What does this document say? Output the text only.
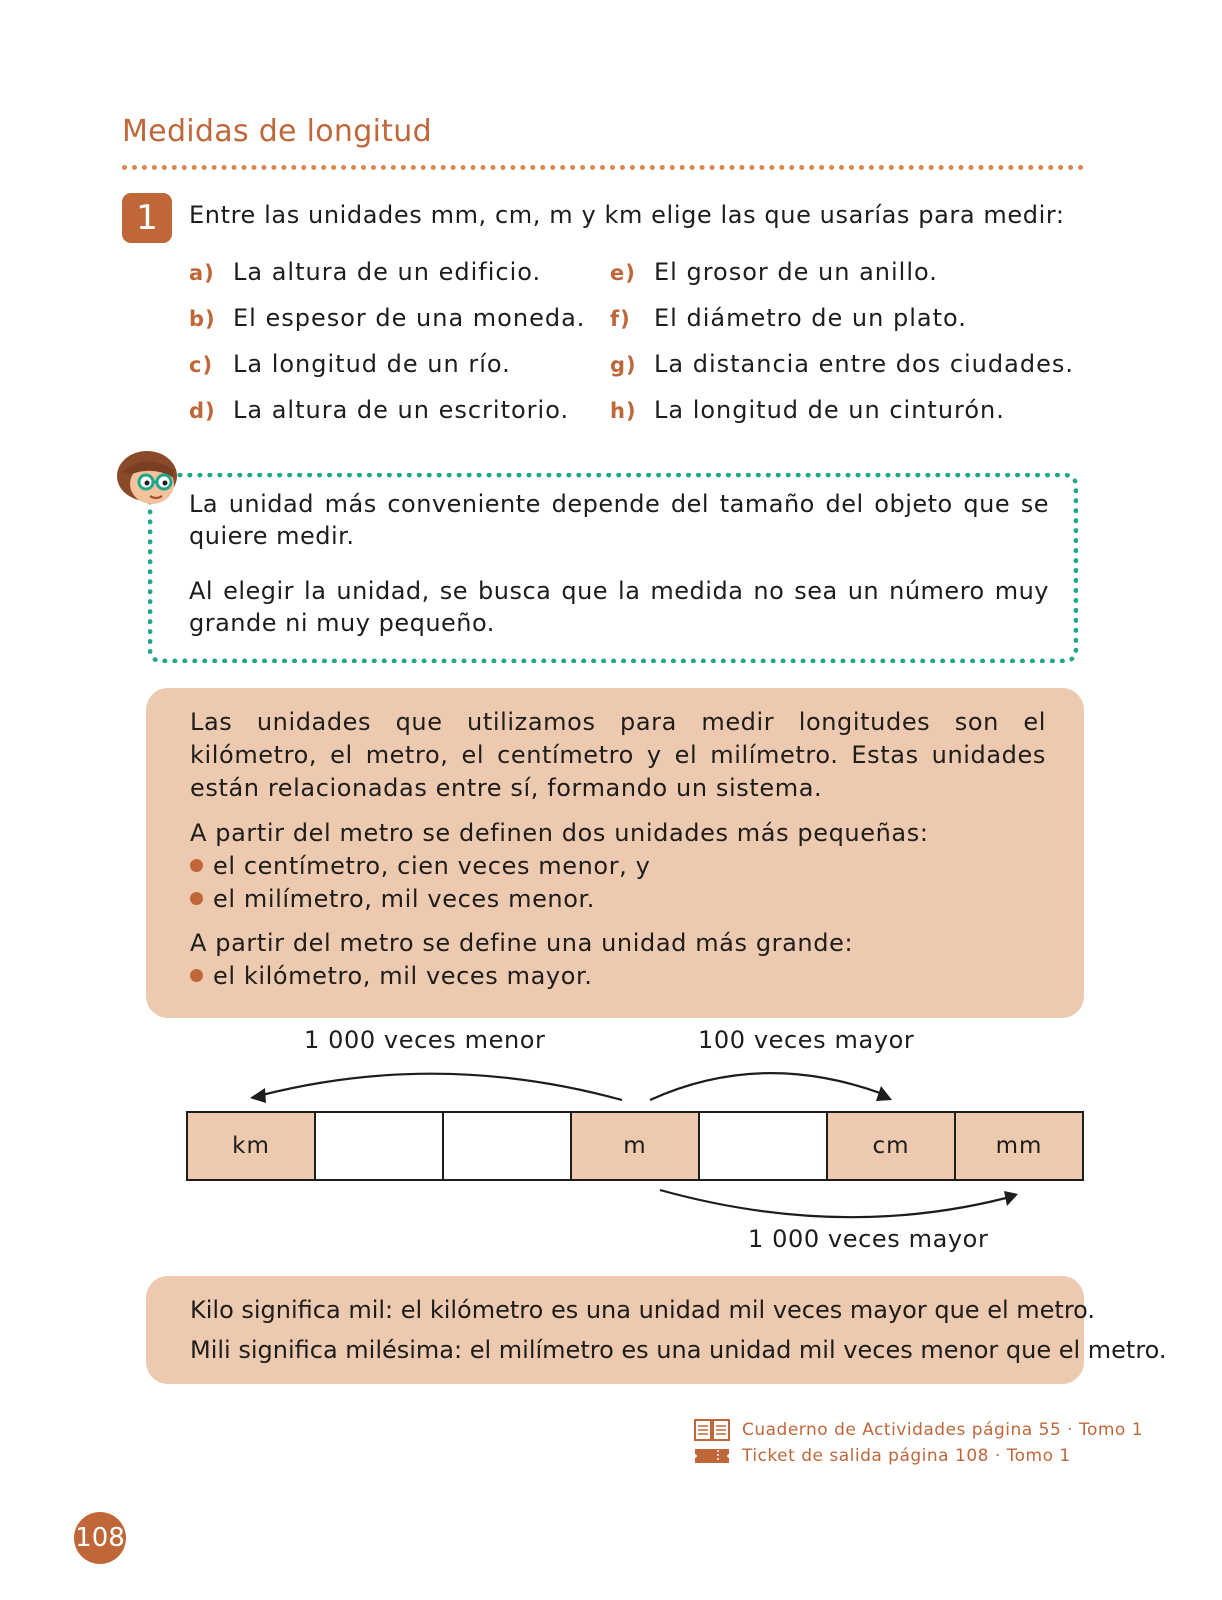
Medidas de longitud
1	Entre las unidades mm, cm, m y km elige las que usarías para medir:
a) La altura de un edificio.
b) El espesor de una moneda.
c) La longitud de un río.
d) La altura de un escritorio.
e) El grosor de un anillo.
f) El diámetro de un plato.
g) La distancia entre dos ciudades.
h) La longitud de un cinturón.
La unidad más conveniente depende del tamaño del objeto que se quiere medir.
Al elegir la unidad, se busca que la medida no sea un número muy grande ni muy pequeño.
Las unidades que utilizamos para medir longitudes son el kilómetro, el metro, el centímetro y el milímetro. Estas unidades están relacionadas entre sí, formando un sistema.
A partir del metro se definen dos unidades más pequeñas:
el centímetro, cien veces menor, y
el milímetro, mil veces menor.
A partir del metro se define una unidad más grande:
el kilómetro, mil veces mayor.
1 000 veces menor	100 veces mayor
1 000 veces mayor
km	m	cm	mm
Kilo significa mil: el kilómetro es una unidad mil veces mayor que el metro.
Mili significa milésima: el milímetro es una unidad mil veces menor que el metro.
Cuaderno de Actividades página 55 · Tomo 1
Ticket de salida página 108 · Tomo 1
108
